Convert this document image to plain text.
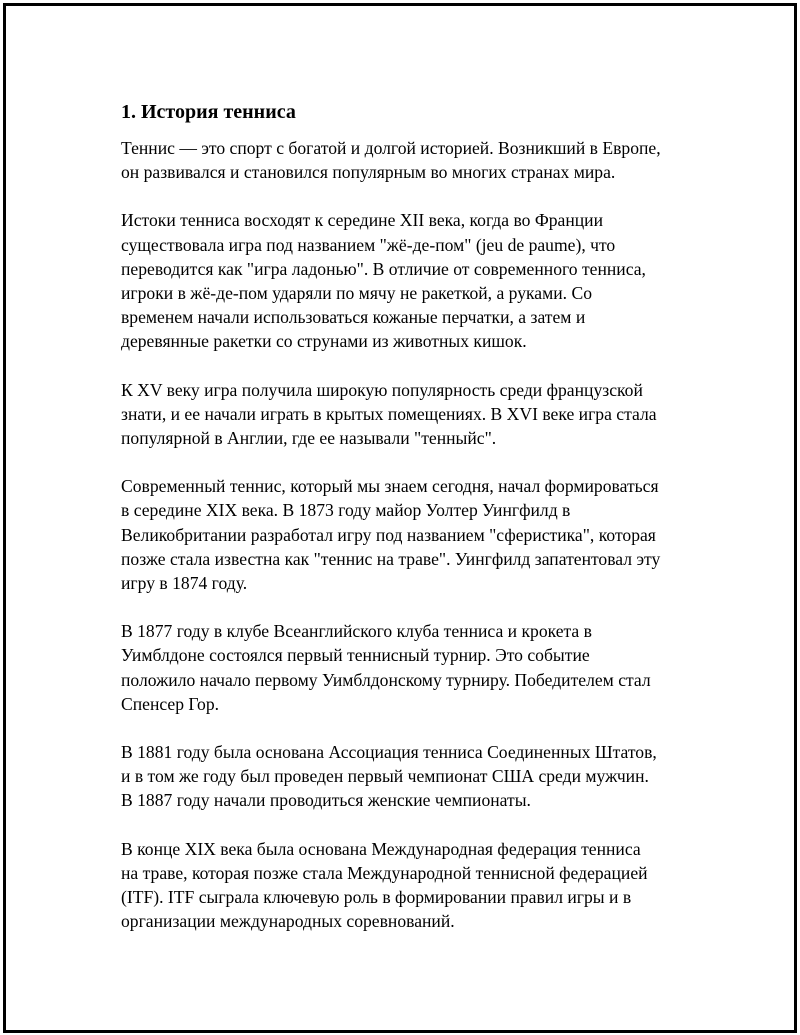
1. История тенниса

Теннис — это спорт с богатой и долгой историей. Возникший в Европе,
он развивался и становился популярным во многих странах мира.

Истоки тенниса восходят к середине XII века, когда во Франции
существовала игра под названием "жё-де-пом" (jeu de paume), что
переводится как "игра ладонью". В отличие от современного тенниса,
игроки в жё-де-пом ударяли по мячу не ракеткой, а руками. Со
временем начали использоваться кожаные перчатки, а затем и
деревянные ракетки со струнами из животных кишок.

К XV веку игра получила широкую популярность среди французской
знати, и ее начали играть в крытых помещениях. В XVI веке игра стала
популярной в Англии, где ее называли "тенныйс".

Современный теннис, который мы знаем сегодня, начал формироваться
в середине XIX века. В 1873 году майор Уолтер Уингфилд в
Великобритании разработал игру под названием "сферистика", которая
позже стала известна как "теннис на траве". Уингфилд запатентовал эту
игру в 1874 году.

В 1877 году в клубе Всеанглийского клуба тенниса и крокета в
Уимблдоне состоялся первый теннисный турнир. Это событие
положило начало первому Уимблдонскому турниру. Победителем стал
Спенсер Гор.

В 1881 году была основана Ассоциация тенниса Соединенных Штатов,
и в том же году был проведен первый чемпионат США среди мужчин.
В 1887 году начали проводиться женские чемпионаты.

В конце XIX века была основана Международная федерация тенниса
на траве, которая позже стала Международной теннисной федерацией
(ITF). ITF сыграла ключевую роль в формировании правил игры и в
организации международных соревнований.
